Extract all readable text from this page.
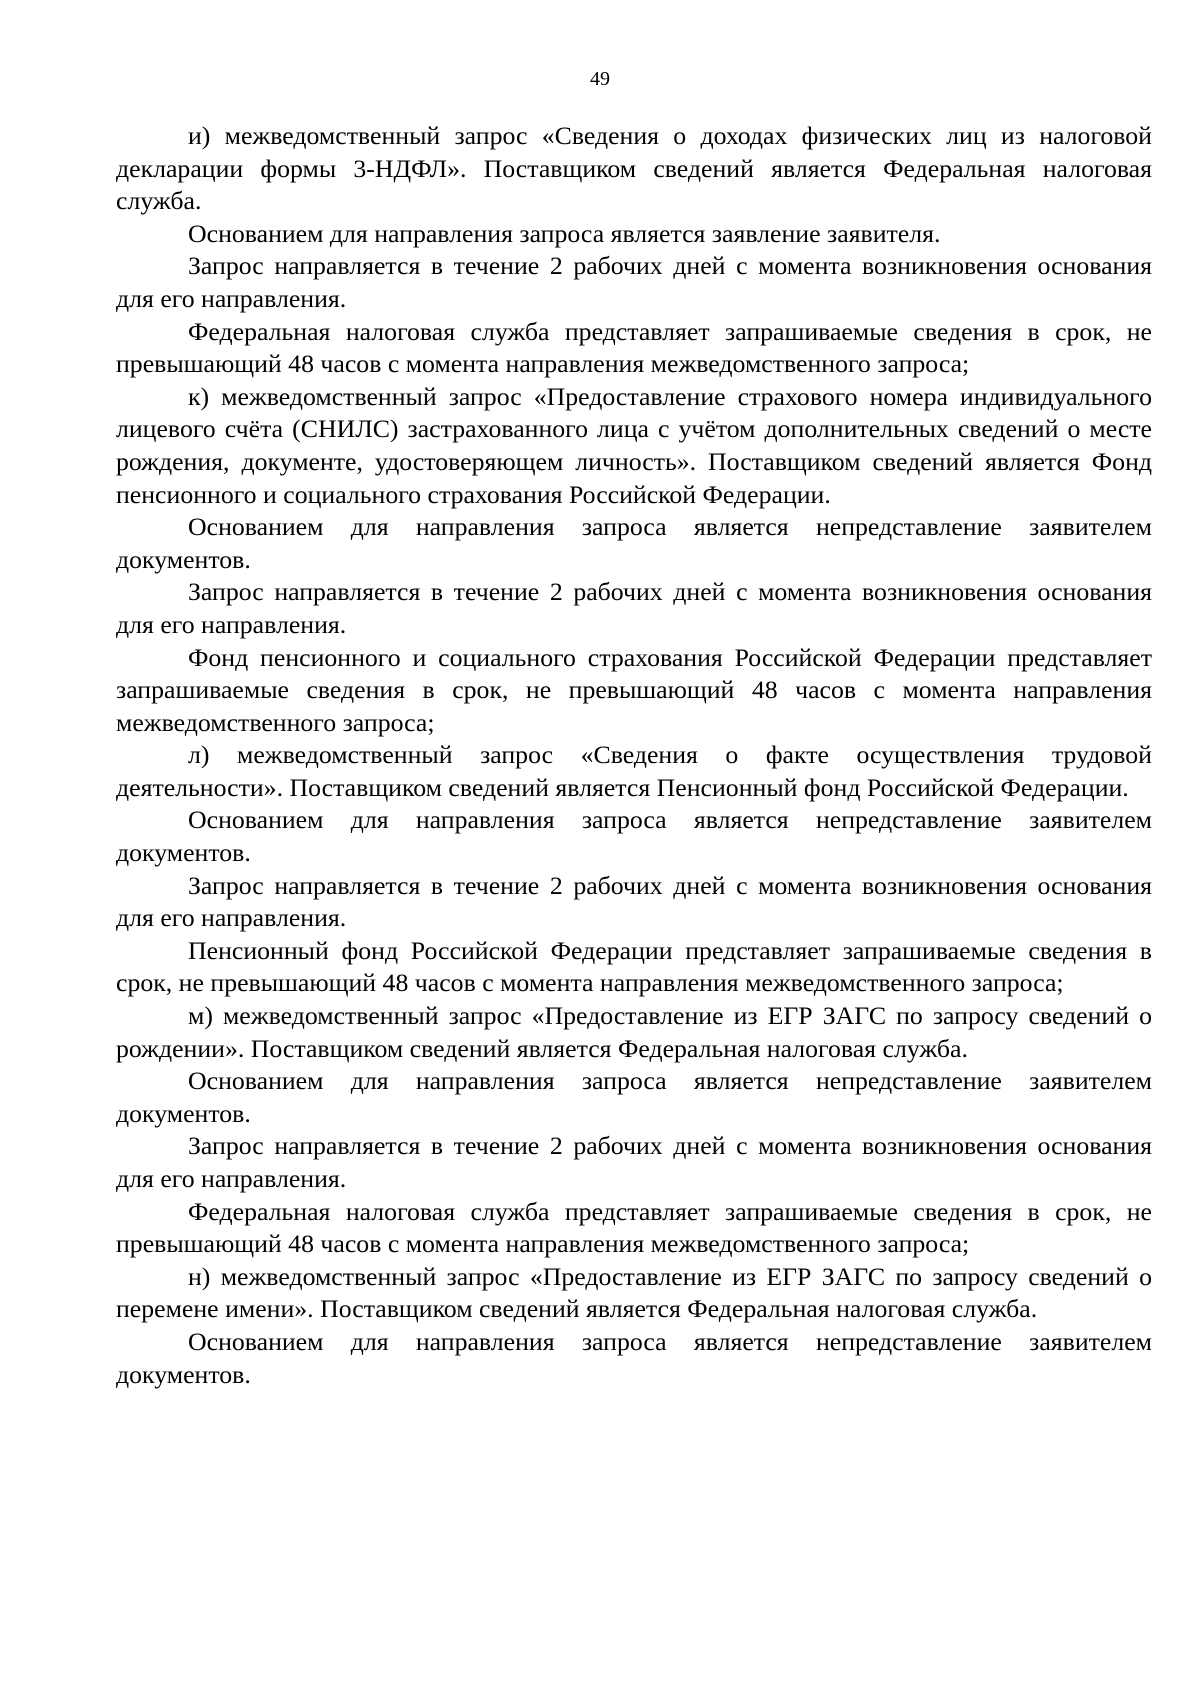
49

и) межведомственный запрос «Сведения о доходах физических лиц из налоговой декларации формы 3-НДФЛ». Поставщиком сведений является Федеральная налоговая служба.

Основанием для направления запроса является заявление заявителя.

Запрос направляется в течение 2 рабочих дней с момента возникновения основания для его направления.

Федеральная налоговая служба представляет запрашиваемые сведения в срок, не превышающий 48 часов с момента направления межведомственного запроса;

к) межведомственный запрос «Предоставление страхового номера индивидуального лицевого счёта (СНИЛС) застрахованного лица с учётом дополнительных сведений о месте рождения, документе, удостоверяющем личность». Поставщиком сведений является Фонд пенсионного и социального страхования Российской Федерации.

Основанием для направления запроса является непредставление заявителем документов.

Запрос направляется в течение 2 рабочих дней с момента возникновения основания для его направления.

Фонд пенсионного и социального страхования Российской Федерации представляет запрашиваемые сведения в срок, не превышающий 48 часов с момента направления межведомственного запроса;

л) межведомственный запрос «Сведения о факте осуществления трудовой деятельности». Поставщиком сведений является Пенсионный фонд Российской Федерации.

Основанием для направления запроса является непредставление заявителем документов.

Запрос направляется в течение 2 рабочих дней с момента возникновения основания для его направления.

Пенсионный фонд Российской Федерации представляет запрашиваемые сведения в срок, не превышающий 48 часов с момента направления межведомственного запроса;

м) межведомственный запрос «Предоставление из ЕГР ЗАГС по запросу сведений о рождении». Поставщиком сведений является Федеральная налоговая служба.

Основанием для направления запроса является непредставление заявителем документов.

Запрос направляется в течение 2 рабочих дней с момента возникновения основания для его направления.

Федеральная налоговая служба представляет запрашиваемые сведения в срок, не превышающий 48 часов с момента направления межведомственного запроса;

н) межведомственный запрос «Предоставление из ЕГР ЗАГС по запросу сведений о перемене имени». Поставщиком сведений является Федеральная налоговая служба.

Основанием для направления запроса является непредставление заявителем документов.
